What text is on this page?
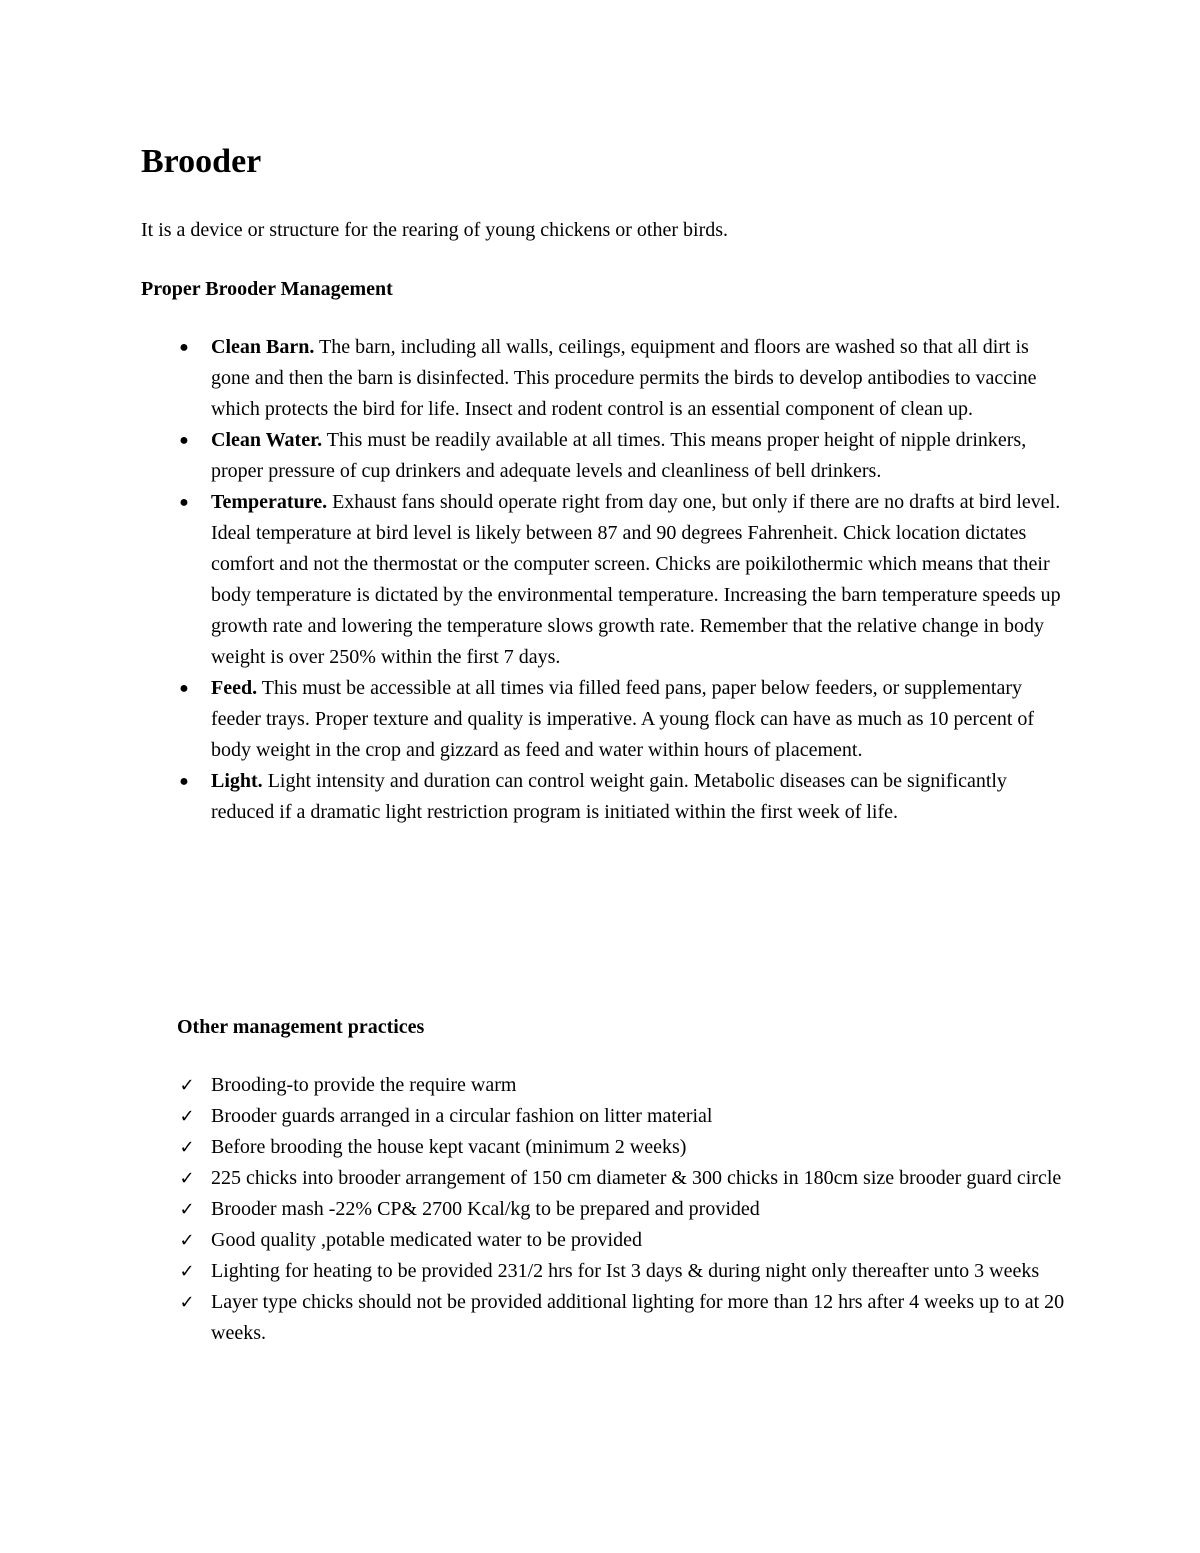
Brooder

It is a device or structure for the rearing of young chickens or other birds.

Proper Brooder Management
● Clean Barn. The barn, including all walls, ceilings, equipment and floors are washed so that all dirt is gone and then the barn is disinfected. This procedure permits the birds to develop antibodies to vaccine which protects the bird for life. Insect and rodent control is an essential component of clean up.
● Clean Water. This must be readily available at all times. This means proper height of nipple drinkers, proper pressure of cup drinkers and adequate levels and cleanliness of bell drinkers.
● Temperature. Exhaust fans should operate right from day one, but only if there are no drafts at bird level. Ideal temperature at bird level is likely between 87 and 90 degrees Fahrenheit. Chick location dictates comfort and not the thermostat or the computer screen. Chicks are poikilothermic which means that their body temperature is dictated by the environmental temperature. Increasing the barn temperature speeds up growth rate and lowering the temperature slows growth rate. Remember that the relative change in body weight is over 250% within the first 7 days.
● Feed. This must be accessible at all times via filled feed pans, paper below feeders, or supplementary feeder trays. Proper texture and quality is imperative. A young flock can have as much as 10 percent of body weight in the crop and gizzard as feed and water within hours of placement.
● Light. Light intensity and duration can control weight gain. Metabolic diseases can be significantly reduced if a dramatic light restriction program is initiated within the first week of life.
Other management practices
✓ Brooding-to provide the require warm
✓ Brooder guards arranged in a circular fashion on litter material
✓ Before brooding the house kept vacant (minimum 2 weeks)
✓ 225 chicks into brooder arrangement of 150 cm diameter & 300 chicks in 180cm size brooder guard circle
✓ Brooder mash -22% CP& 2700 Kcal/kg to be prepared and provided
✓ Good quality ,potable medicated water to be provided
✓ Lighting for heating to be provided 231/2 hrs for Ist 3 days & during night only thereafter unto 3 weeks
✓ Layer type chicks should not be provided additional lighting for more than 12 hrs after 4 weeks up to at 20 weeks.
